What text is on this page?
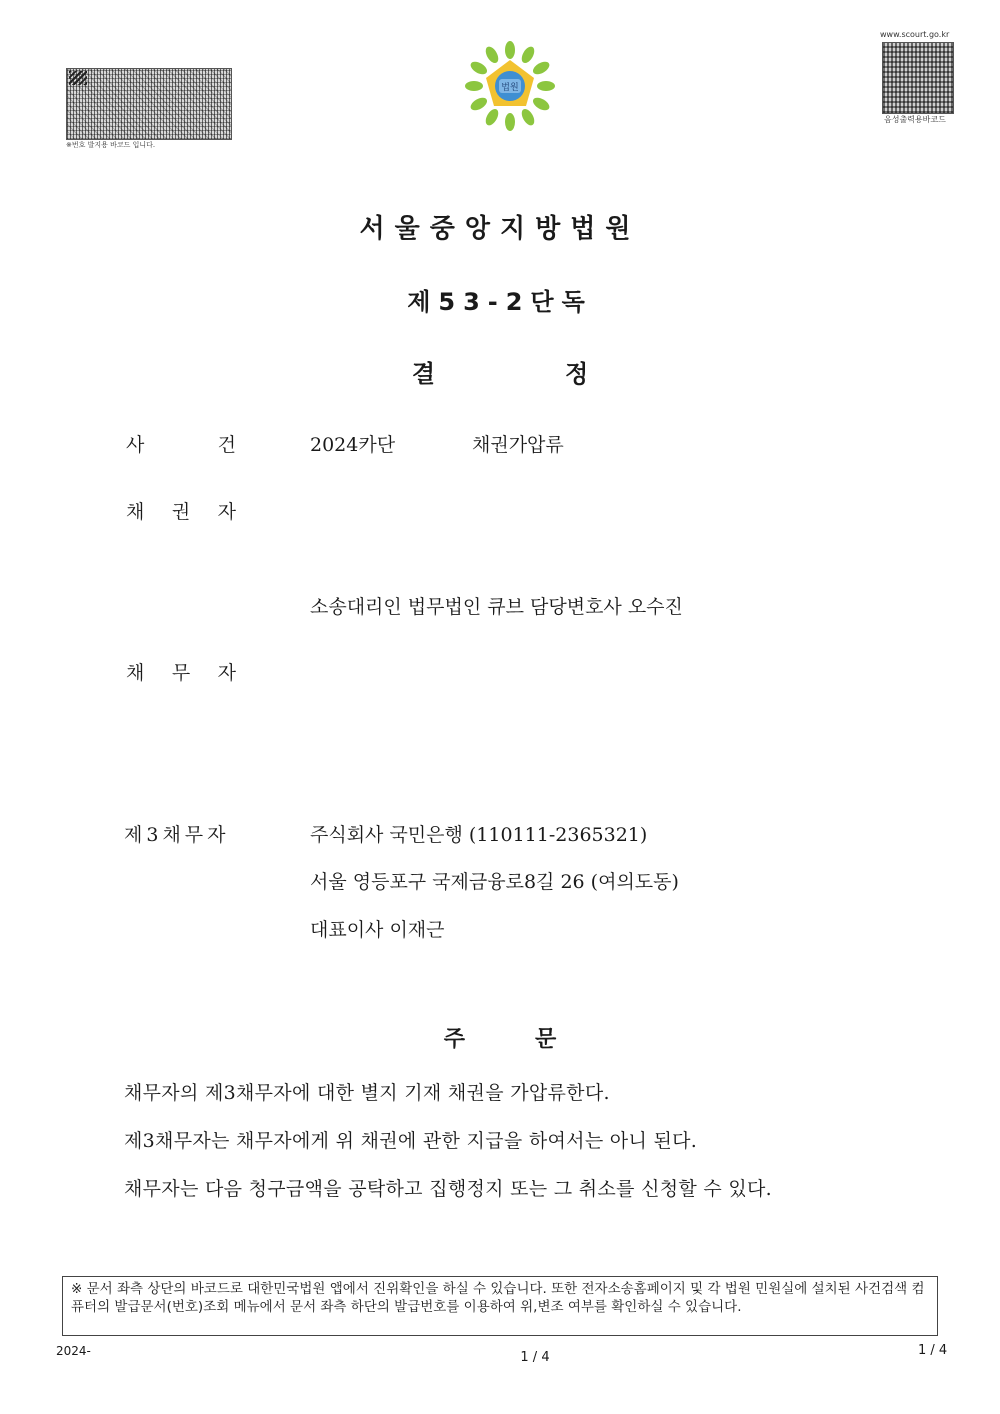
※번호 발지용 바코드 입니다.
법원
www.scourt.go.kr
음성출력용바코드
서울중앙지방법원
제53-2단독
결	정
사	건	2024카단	채권가압류
채 권 자
소송대리인 법무법인 큐브 담당변호사 오수진
채 무 자
제3채무자	주식회사 국민은행 (110111-2365321)
서울 영등포구 국제금융로8길 26 (여의도동)
대표이사 이재근
주	문
채무자의 제3채무자에 대한 별지 기재 채권을 가압류한다.
제3채무자는 채무자에게 위 채권에 관한 지급을 하여서는 아니 된다.
채무자는 다음 청구금액을 공탁하고 집행정지 또는 그 취소를 신청할 수 있다.
※ 문서 좌측 상단의 바코드로 대한민국법원 앱에서 진위확인을 하실 수 있습니다. 또한 전자소송홈페이지 및 각 법원 민원실에 설치된 사건검색 컴퓨터의 발급문서(번호)조회 메뉴에서 문서 좌측 하단의 발급번호를 이용하여 위,변조 여부를 확인하실 수 있습니다.
2024-	1 / 4	1 / 4
